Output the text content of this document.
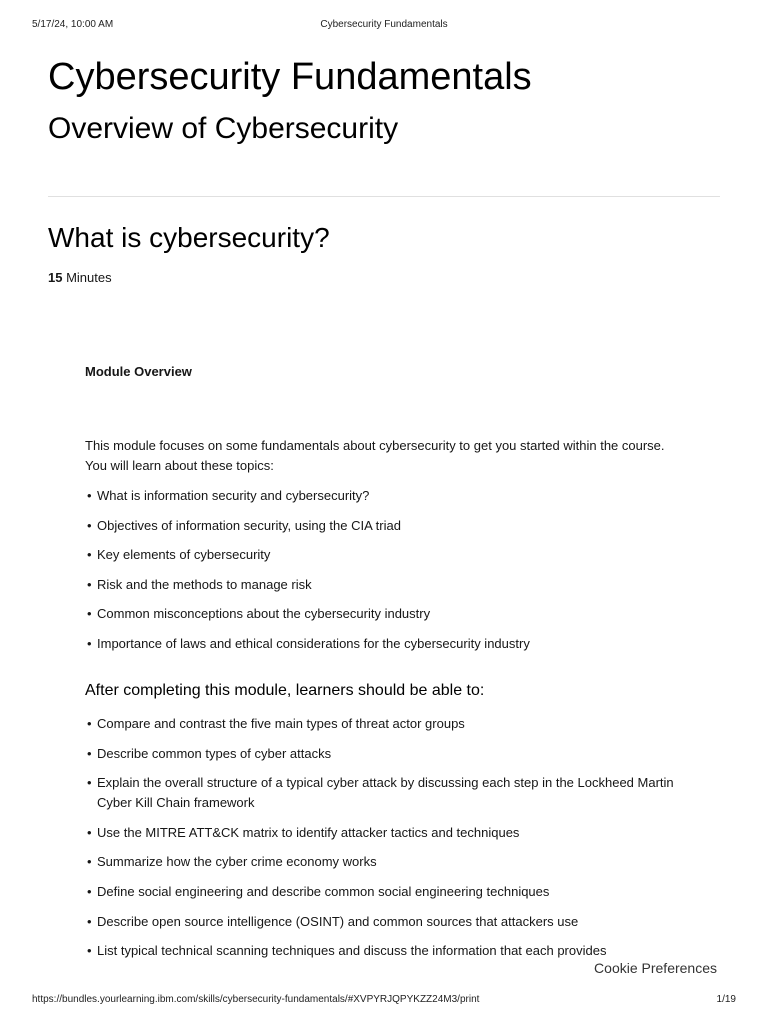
5/17/24, 10:00 AM	Cybersecurity Fundamentals
Cybersecurity Fundamentals
Overview of Cybersecurity
What is cybersecurity?
15 Minutes

Module Overview

This module focuses on some fundamentals about cybersecurity to get you started within the course. You will learn about these topics:

• What is information security and cybersecurity?
• Objectives of information security, using the CIA triad
• Key elements of cybersecurity
• Risk and the methods to manage risk
• Common misconceptions about the cybersecurity industry
• Importance of laws and ethical considerations for the cybersecurity industry
After completing this module, learners should be able to:
• Compare and contrast the five main types of threat actor groups
• Describe common types of cyber attacks
• Explain the overall structure of a typical cyber attack by discussing each step in the Lockheed Martin Cyber Kill Chain framework
• Use the MITRE ATT&CK matrix to identify attacker tactics and techniques
• Summarize how the cyber crime economy works
• Define social engineering and describe common social engineering techniques
• Describe open source intelligence (OSINT) and common sources that attackers use
• List typical technical scanning techniques and discuss the information that each provides
Cookie Preferences
https://bundles.yourlearning.ibm.com/skills/cybersecurity-fundamentals/#XVPYRJQPYKZZ24M3/print	1/19
